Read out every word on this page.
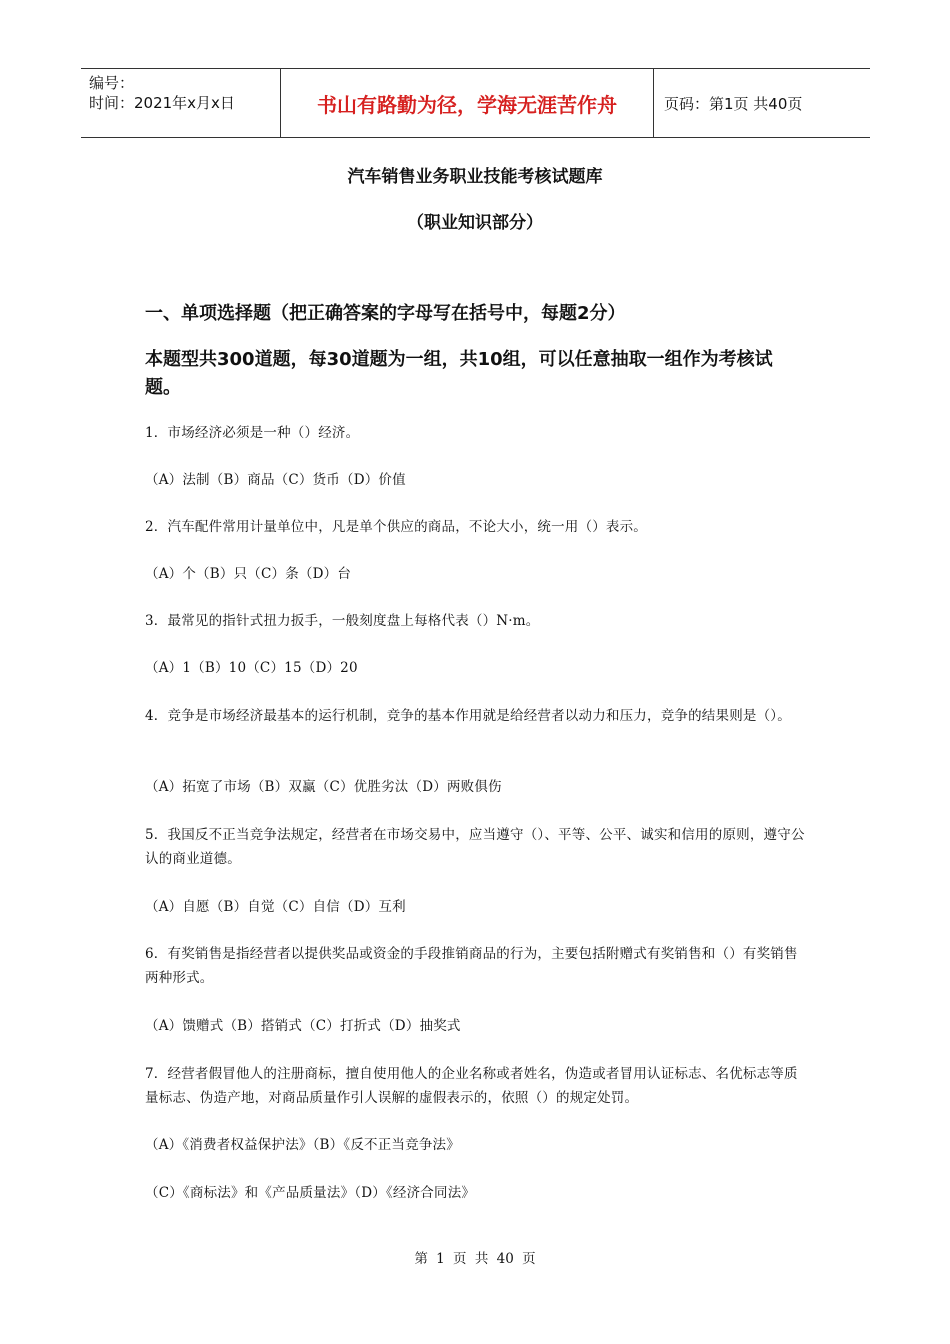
编号：
时间：2021年x月x日	书山有路勤为径，学海无涯苦作舟	页码：第1页 共40页
汽车销售业务职业技能考核试题库
（职业知识部分）
一、单项选择题（把正确答案的字母写在括号中，每题2分）
本题型共300道题，每30道题为一组，共10组，可以任意抽取一组作为考核试题。
1．市场经济必须是一种（）经济。
（A）法制（B）商品（C）货币（D）价值
2．汽车配件常用计量单位中，凡是单个供应的商品，不论大小，统一用（）表示。
（A）个（B）只（C）条（D）台
3．最常见的指针式扭力扳手，一般刻度盘上每格代表（）N·m。
（A）1（B）10（C）15（D）20
4．竞争是市场经济最基本的运行机制，竞争的基本作用就是给经营者以动力和压力，竞争的结果则是（）。
（A）拓宽了市场（B）双赢（C）优胜劣汰（D）两败俱伤
5．我国反不正当竞争法规定，经营者在市场交易中，应当遵守（）、平等、公平、诚实和信用的原则，遵守公认的商业道德。
（A）自愿（B）自觉（C）自信（D）互利
6．有奖销售是指经营者以提供奖品或资金的手段推销商品的行为，主要包括附赠式有奖销售和（）有奖销售两种形式。
（A）馈赠式（B）搭销式（C）打折式（D）抽奖式
7．经营者假冒他人的注册商标，擅自使用他人的企业名称或者姓名，伪造或者冒用认证标志、名优标志等质量标志、伪造产地，对商品质量作引人误解的虚假表示的，依照（）的规定处罚。
（A）《消费者权益保护法》（B）《反不正当竞争法》
（C）《商标法》和《产品质量法》（D）《经济合同法》
第 1 页 共 40 页
